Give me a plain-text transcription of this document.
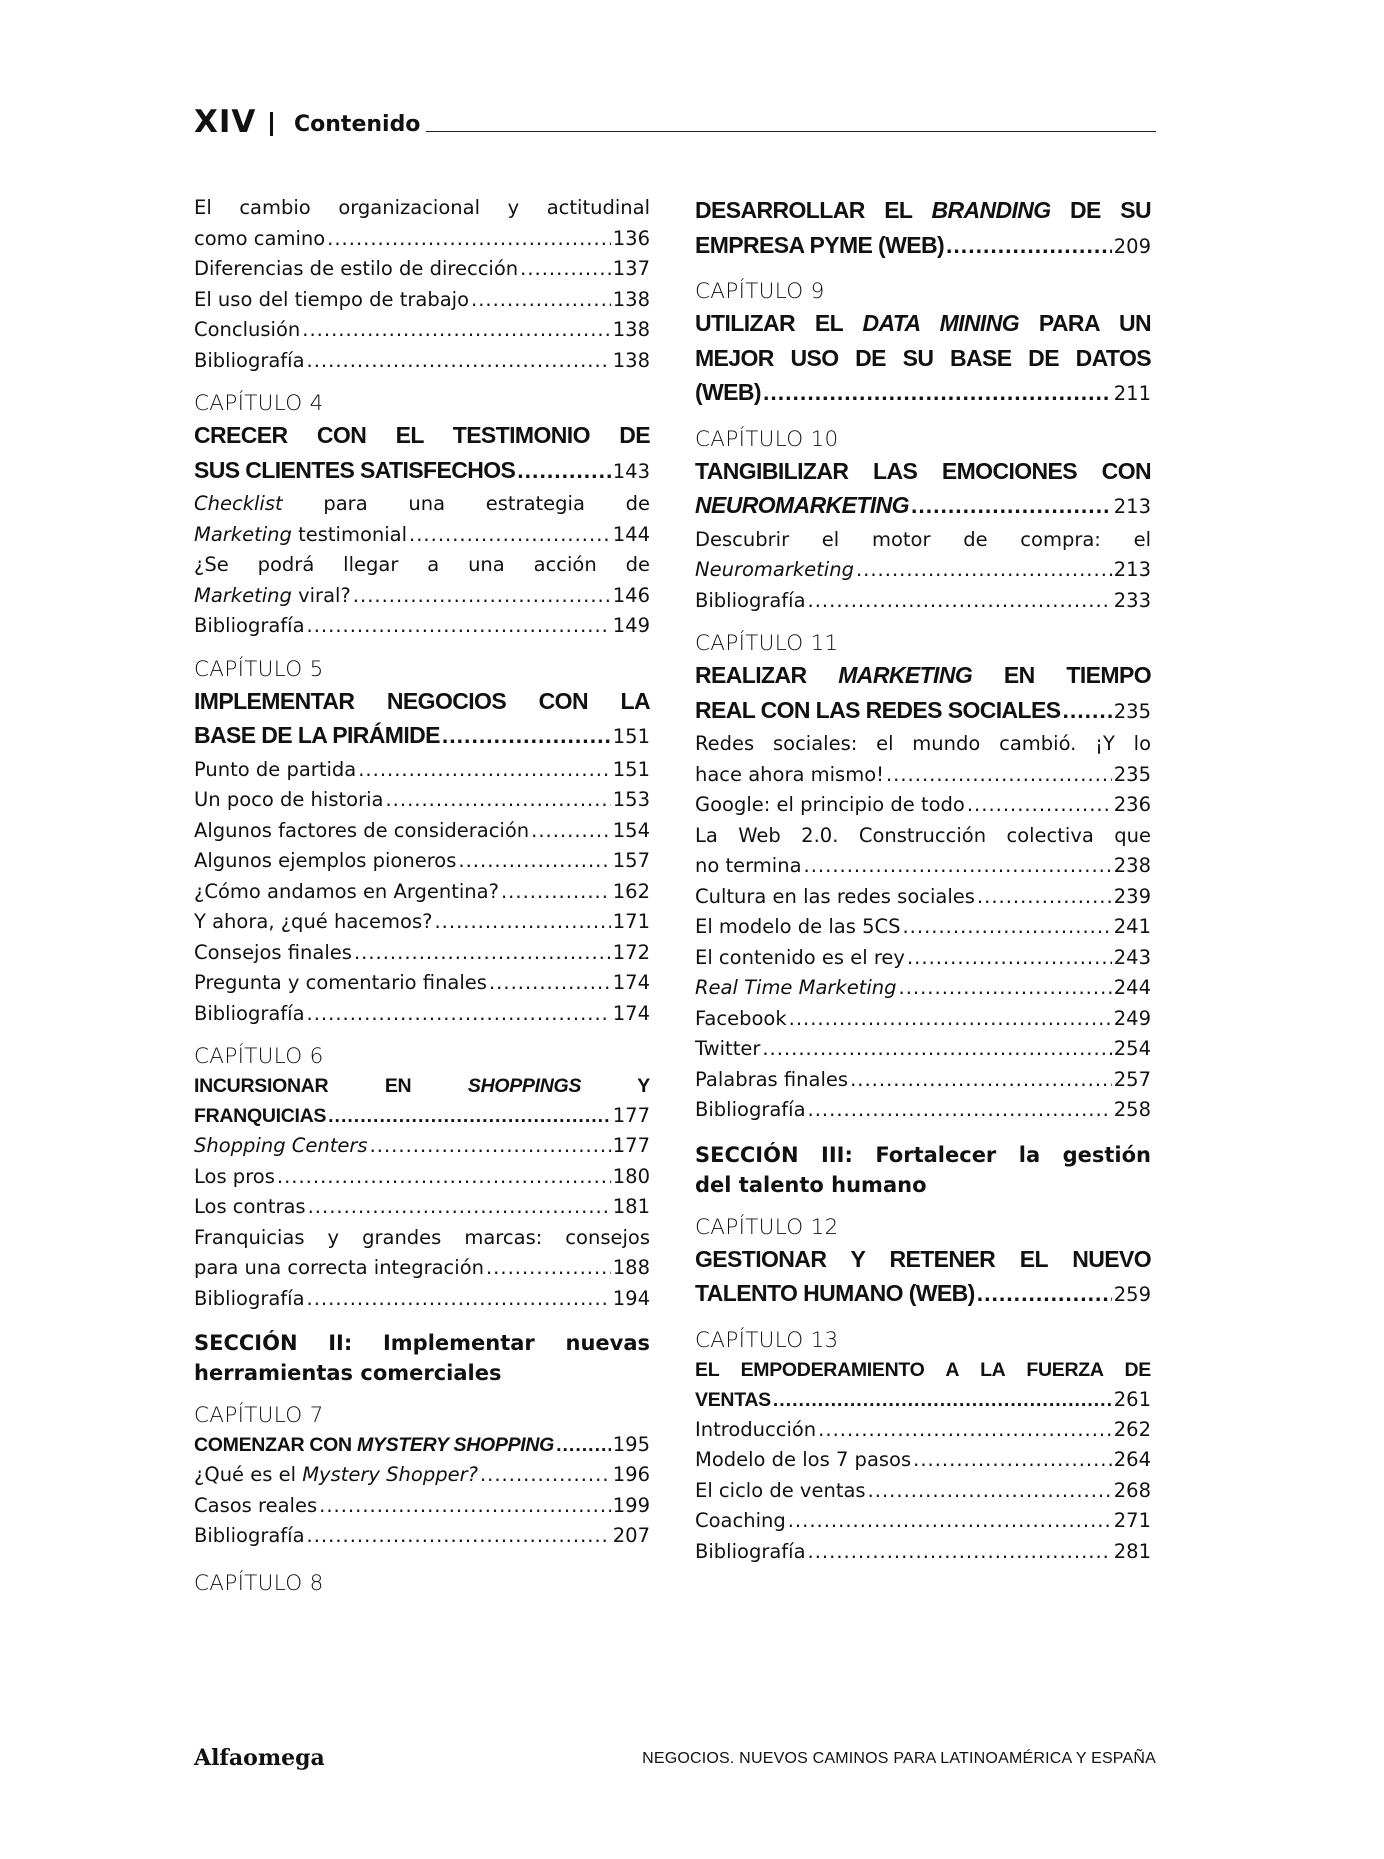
XIV Contenido
El cambio organizacional y actitudinal
como camino .....	136
Diferencias de estilo de dirección .....	137
El uso del tiempo de trabajo .....	138
Conclusión .....	138
Bibliografía .....	138
CAPÍTULO 4
CRECER CON EL TESTIMONIO DE
SUS CLIENTES SATISFECHOS .....	143
Checklist para una estrategia de
Marketing testimonial .....	144
¿Se podrá llegar a una acción de
Marketing viral? .....	146
Bibliografía .....	149
CAPÍTULO 5
IMPLEMENTAR NEGOCIOS CON LA
BASE DE LA PIRÁMIDE .....	151
Punto de partida .....	151
Un poco de historia .....	153
Algunos factores de consideración .....	154
Algunos ejemplos pioneros .....	157
¿Cómo andamos en Argentina? .....	162
Y ahora, ¿qué hacemos? .....	171
Consejos finales .....	172
Pregunta y comentario finales .....	174
Bibliografía .....	174
CAPÍTULO 6
INCURSIONAR	EN	SHOPPINGS	Y
FRANQUICIAS .....	177
Shopping Centers .....	177
Los pros .....	180
Los contras .....	181
Franquicias y grandes marcas: consejos
para una correcta integración .....	188
Bibliografía .....	194
SECCIÓN II: Implementar nuevas
herramientas comerciales
CAPÍTULO 7
COMENZAR CON MYSTERY SHOPPING .....	195
¿Qué es el Mystery Shopper? .....	196
Casos reales .....	199
Bibliografía .....	207
CAPÍTULO 8
DESARROLLAR EL BRANDING DE SU
EMPRESA PYME (WEB) .....	209
CAPÍTULO 9
UTILIZAR EL DATA MINING PARA UN
MEJOR USO DE SU BASE DE DATOS
(WEB) .....	211
CAPÍTULO 10
TANGIBILIZAR LAS EMOCIONES CON
NEUROMARKETING .....	213
Descubrir el motor de compra: el
Neuromarketing .....	213
Bibliografía .....	233
CAPÍTULO 11
REALIZAR MARKETING EN TIEMPO
REAL CON LAS REDES SOCIALES .....	235
Redes sociales: el mundo cambió. ¡Y lo
hace ahora mismo! .....	235
Google: el principio de todo .....	236
La Web 2.0. Construcción colectiva que
no termina .....	238
Cultura en las redes sociales .....	239
El modelo de las 5CS .....	241
El contenido es el rey .....	243
Real Time Marketing .....	244
Facebook .....	249
Twitter .....	254
Palabras finales .....	257
Bibliografía .....	258
SECCIÓN III: Fortalecer la gestión
del talento humano
CAPÍTULO 12
GESTIONAR Y RETENER EL NUEVO
TALENTO HUMANO (WEB) .....	259
CAPÍTULO 13
EL EMPODERAMIENTO A LA FUERZA DE
VENTAS .....	261
Introducción .....	262
Modelo de los 7 pasos .....	264
El ciclo de ventas .....	268
Coaching .....	271
Bibliografía .....	281
Alfaomega	NEGOCIOS. NUEVOS CAMINOS PARA LATINOAMÉRICA Y ESPAÑA
